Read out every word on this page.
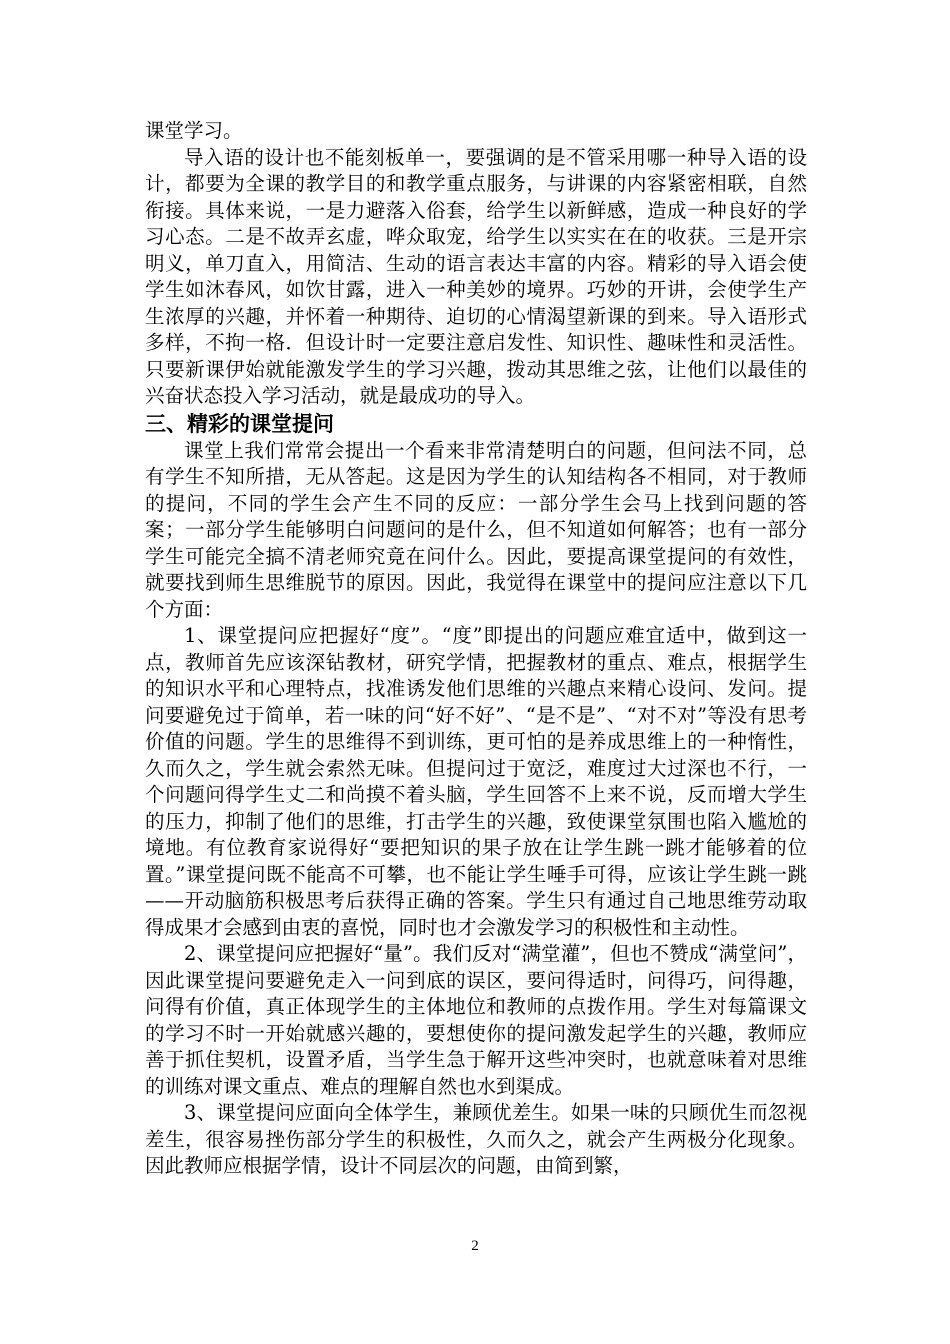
课堂学习。

导入语的设计也不能刻板单一，要强调的是不管采用哪一种导入语的设计，都要为全课的教学目的和教学重点服务，与讲课的内容紧密相联，自然衔接。具体来说，一是力避落入俗套，给学生以新鲜感，造成一种良好的学习心态。二是不故弄玄虚，哗众取宠，给学生以实实在在的收获。三是开宗明义，单刀直入，用简洁、生动的语言表达丰富的内容。精彩的导入语会使学生如沐春风，如饮甘露，进入一种美妙的境界。巧妙的开讲，会使学生产生浓厚的兴趣，并怀着一种期待、迫切的心情渴望新课的到来。导入语形式多样，不拘一格．但设计时一定要注意启发性、知识性、趣味性和灵活性。只要新课伊始就能激发学生的学习兴趣，拨动其思维之弦，让他们以最佳的兴奋状态投入学习活动，就是最成功的导入。

三、精彩的课堂提问

课堂上我们常常会提出一个看来非常清楚明白的问题，但问法不同，总有学生不知所措，无从答起。这是因为学生的认知结构各不相同，对于教师的提问，不同的学生会产生不同的反应：一部分学生会马上找到问题的答案；一部分学生能够明白问题问的是什么，但不知道如何解答；也有一部分学生可能完全搞不清老师究竟在问什么。因此，要提高课堂提问的有效性，就要找到师生思维脱节的原因。因此，我觉得在课堂中的提问应注意以下几个方面：

1、课堂提问应把握好“度”。“度”即提出的问题应难宜适中，做到这一点，教师首先应该深钻教材，研究学情，把握教材的重点、难点，根据学生的知识水平和心理特点，找准诱发他们思维的兴趣点来精心设问、发问。提问要避免过于简单，若一味的问“好不好”、“是不是”、“对不对”等没有思考价值的问题。学生的思维得不到训练，更可怕的是养成思维上的一种惰性，久而久之，学生就会索然无味。但提问过于宽泛，难度过大过深也不行，一个问题问得学生丈二和尚摸不着头脑，学生回答不上来不说，反而增大学生的压力，抑制了他们的思维，打击学生的兴趣，致使课堂氛围也陷入尴尬的境地。有位教育家说得好“要把知识的果子放在让学生跳一跳才能够着的位置。”课堂提问既不能高不可攀，也不能让学生唾手可得，应该让学生跳一跳——开动脑筋积极思考后获得正确的答案。学生只有通过自己地思维劳动取得成果才会感到由衷的喜悦，同时也才会激发学习的积极性和主动性。

2、课堂提问应把握好“量”。我们反对“满堂灌”，但也不赞成“满堂问”，因此课堂提问要避免走入一问到底的误区，要问得适时，问得巧，问得趣，问得有价值，真正体现学生的主体地位和教师的点拨作用。学生对每篇课文的学习不时一开始就感兴趣的，要想使你的提问激发起学生的兴趣，教师应善于抓住契机，设置矛盾，当学生急于解开这些冲突时，也就意味着对思维的训练对课文重点、难点的理解自然也水到渠成。

3、课堂提问应面向全体学生，兼顾优差生。如果一味的只顾优生而忽视差生，很容易挫伤部分学生的积极性，久而久之，就会产生两极分化现象。因此教师应根据学情，设计不同层次的问题，由简到繁，

2
